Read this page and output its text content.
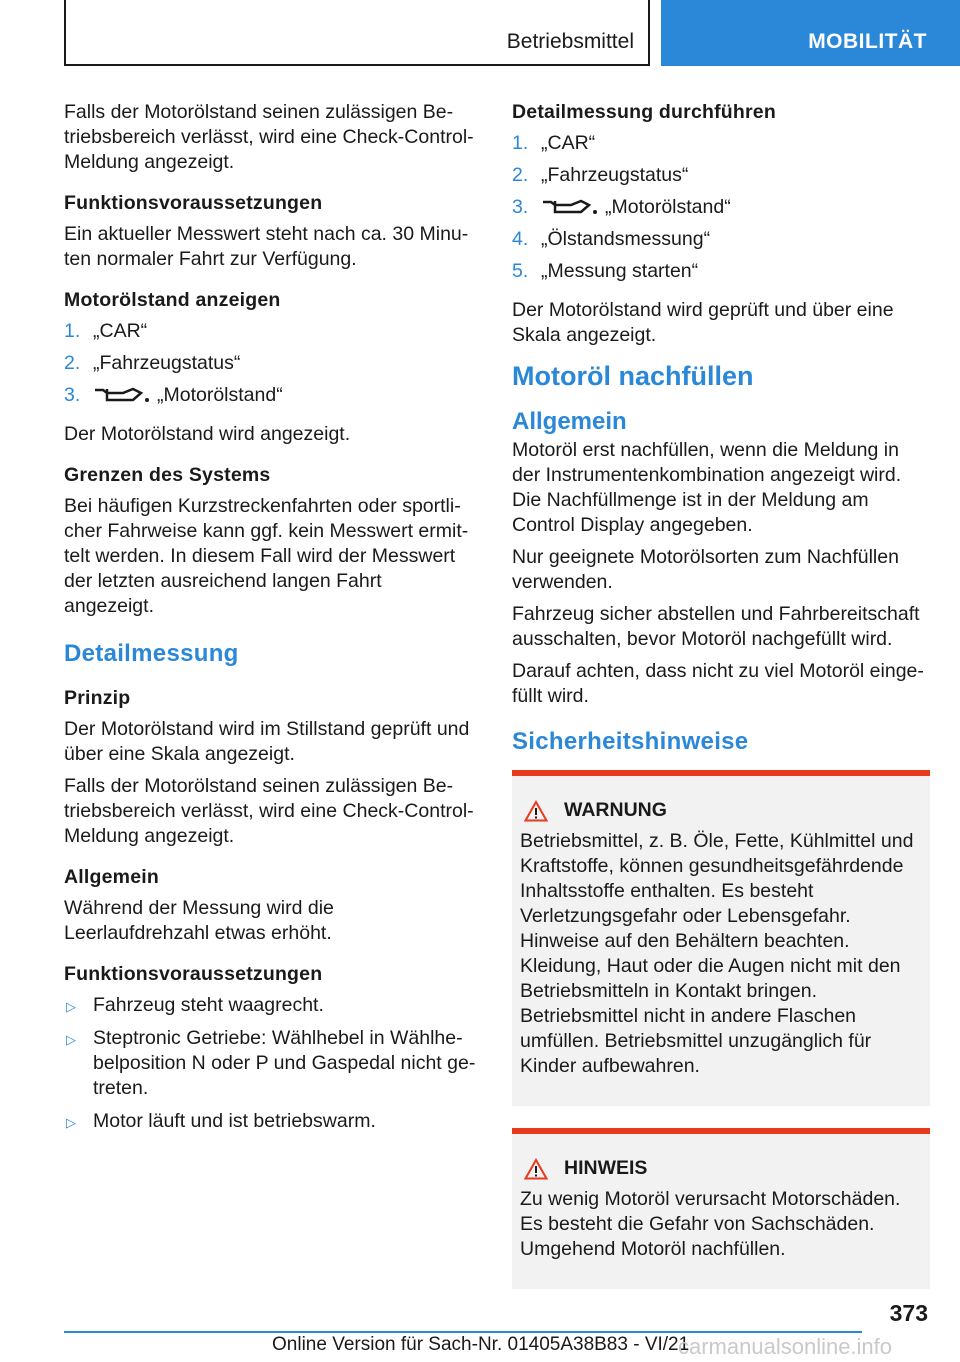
Betriebsmittel	MOBILITÄT

Falls der Motorölstand seinen zulässigen Betriebsbereich verlässt, wird eine Check-Control-Meldung angezeigt.

Funktionsvoraussetzungen

Ein aktueller Messwert steht nach ca. 30 Minuten normaler Fahrt zur Verfügung.

Motorölstand anzeigen
1. „CAR“
2. „Fahrzeugstatus“
3.	„Motorölstand“

Der Motorölstand wird angezeigt.

Grenzen des Systems

Bei häufigen Kurzstreckenfahrten oder sportlicher Fahrweise kann ggf. kein Messwert ermittelt werden. In diesem Fall wird der Messwert der letzten ausreichend langen Fahrt angezeigt.

Detailmessung
Prinzip

Der Motorölstand wird im Stillstand geprüft und über eine Skala angezeigt.

Falls der Motorölstand seinen zulässigen Betriebsbereich verlässt, wird eine Check-Control-Meldung angezeigt.

Allgemein

Während der Messung wird die Leerlaufdrehzahl etwas erhöht.

Funktionsvoraussetzungen
▷ Fahrzeug steht waagrecht.
▷ Steptronic Getriebe: Wählhebel in Wählhebelposition N oder P und Gaspedal nicht getreten.
▷ Motor läuft und ist betriebswarm.
Detailmessung durchführen
1. „CAR“
2. „Fahrzeugstatus“
3.	„Motorölstand“
4. „Ölstandsmessung“
5. „Messung starten“

Der Motorölstand wird geprüft und über eine Skala angezeigt.

Motoröl nachfüllen
Allgemein

Motoröl erst nachfüllen, wenn die Meldung in der Instrumentenkombination angezeigt wird. Die Nachfüllmenge ist in der Meldung am Control Display angegeben.

Nur geeignete Motorölsorten zum Nachfüllen verwenden.

Fahrzeug sicher abstellen und Fahrbereitschaft ausschalten, bevor Motoröl nachgefüllt wird.

Darauf achten, dass nicht zu viel Motoröl eingefüllt wird.

Sicherheitshinweise
WARNUNG

Betriebsmittel, z. B. Öle, Fette, Kühlmittel und Kraftstoffe, können gesundheitsgefährdende Inhaltsstoffe enthalten. Es besteht Verletzungsgefahr oder Lebensgefahr. Hinweise auf den Behältern beachten. Kleidung, Haut oder die Augen nicht mit den Betriebsmitteln in Kontakt bringen. Betriebsmittel nicht in andere Flaschen umfüllen. Betriebsmittel unzugänglich für Kinder aufbewahren.

HINWEIS

Zu wenig Motoröl verursacht Motorschäden. Es besteht die Gefahr von Sachschäden. Umgehend Motoröl nachfüllen.

373
Online Version für Sach-Nr. 01405A38B83 - VI/21
carmanualsonline.info
